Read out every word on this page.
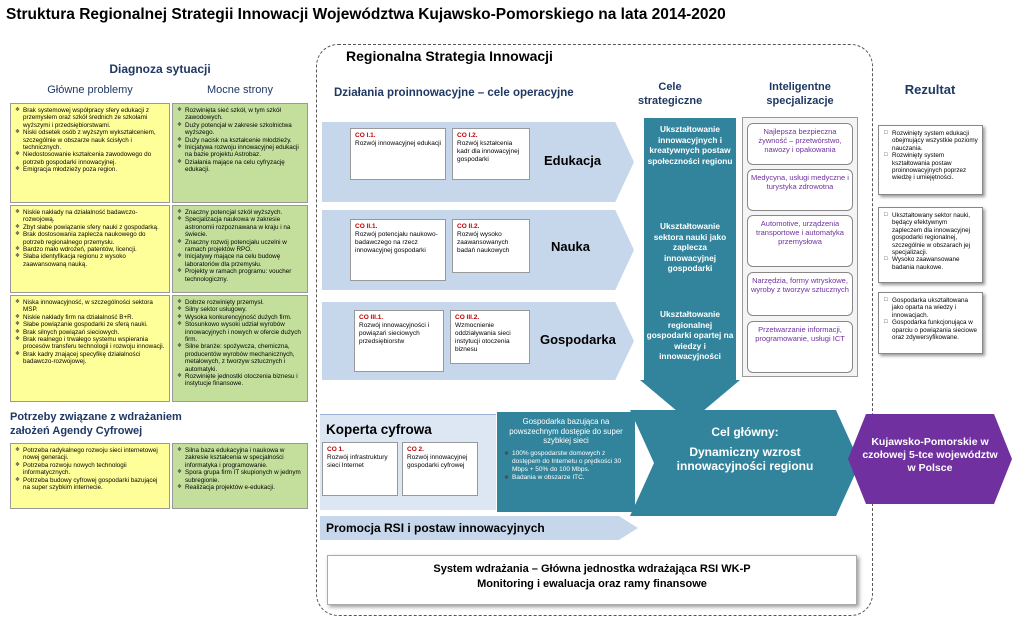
Struktura Regionalnej Strategii Innowacji Województwa Kujawsko-Pomorskiego na lata 2014-2020
Diagnoza sytuacji
Główne problemy	Mocne strony
❖ Brak systemowej współpracy sfery edukacji z przemysłem oraz szkół średnich ze szkołami wyższymi i przedsiębiorstwami.
❖ Niski odsetek osób z wyższym wykształceniem, szczególnie w obszarze nauk ścisłych i technicznych.
❖ Niedostosowanie kształcenia zawodowego do potrzeb gospodarki innowacyjnej.
❖ Emigracja młodzieży poza region.
❖ Rozwinięta sieć szkół, w tym szkół zawodowych.
❖ Duży potencjał w zakresie szkolnictwa wyższego.
❖ Duży nacisk na kształcenie młodzieży.
❖ Inicjatywa rozwoju innowacyjnej edukacji na bazie projektu Astrobaz.
❖ Działania mające na celu cyfryzację edukacji.
❖ Niskie nakłady na działalność badawczo-rozwojową.
❖ Zbyt słabe powiązanie sfery nauki z gospodarką.
❖ Brak dostosowania zaplecza naukowego do potrzeb regionalnego przemysłu.
❖ Bardzo mało wdrożeń, patentów, licencji.
❖ Słaba identyfikacja regionu z wysoko zaawansowaną nauką.
❖ Znaczny potencjał szkół wyższych.
❖ Specjalizacja naukowa w zakresie astronomii rozpoznawana w kraju i na świecie.
❖ Znaczny rozwój potencjału uczelni w ramach projektów RPO.
❖ Inicjatywy mające na celu budowę laboratoriów dla przemysłu.
❖ Projekty w ramach programu: voucher technologiczny.
❖ Niska innowacyjność, w szczególności sektora MSP.
❖ Niskie nakłady firm na działalność B+R.
❖ Słabe powiązanie gospodarki ze sferą nauki.
❖ Brak silnych powiązań sieciowych.
❖ Brak realnego i trwałego systemu wspierania procesów transferu technologii i rozwoju innowacji.
❖ Brak kadry znającej specyfikę działalności badawczo-rozwojowej.
❖ Dobrze rozwinięty przemysł.
❖ Silny sektor usługowy.
❖ Wysoka konkurencyjność dużych firm.
❖ Stosunkowo wysoki udział wyrobów innowacyjnych i nowych w ofercie dużych firm.
❖ Silne branże: spożywcza, chemiczna, producentów wyrobów mechanicznych, metalowych, z tworzyw sztucznych i automatyki.
❖ Rozwinięte jednostki otoczenia biznesu i instytucje finansowe.
Potrzeby związane z wdrażaniem założeń Agendy Cyfrowej
❖ Potrzeba radykalnego rozwoju sieci internetowej nowej generacji.
❖ Potrzeba rozwoju nowych technologii informatycznych.
❖ Potrzeba budowy cyfrowej gospodarki bazującej na super szybkim internecie.
❖ Silna baza edukacyjna i naukowa w zakresie kształcenia w specjalności informatyka i programowanie.
❖ Spora grupa firm IT skupionych w jednym subregionie.
❖ Realizacja projektów e-edukacji.
Regionalna Strategia Innowacji
Działania proinnowacyjne – cele operacyjne	Cele strategiczne
Inteligentne specjalizacje
CO I.1.
Rozwój innowacyjnej edukacji
CO I.2.
Rozwój kształcenia kadr dla innowacyjnej gospodarki	Edukacja
CO II.1.
Rozwój potencjału naukowo-badawczego na rzecz innowacyjnej gospodarki
CO II.2.
Rozwój wysoko zaawansowanych badań naukowych	Nauka
CO III.1.
Rozwój innowacyjności i powiązań sieciowych przedsiębiorstw
CO III.2.
Wzmocnienie oddziaływania sieci instytucji otoczenia biznesu
Gospodarka
Ukształtowanie innowacyjnych i kreatywnych postaw społeczności regionu
Ukształtowanie sektora nauki jako zaplecza innowacyjnej gospodarki
Ukształtowanie regionalnej gospodarki opartej na wiedzy i innowacyjności
Najlepsza bezpieczna żywność – przetwórstwo, nawozy i opakowania
Medycyna, usługi medyczne i turystyka zdrowotna
Automotive, urządzenia transportowe i automatyka przemysłowa
Narzędzia, formy wtryskowe, wyroby z tworzyw sztucznych
Przetwarzanie informacji, programowanie, usługi ICT
Koperta cyfrowa
CO 1.
Rozwój infrastruktury sieci Internet
CO 2.
Rozwój innowacyjnej gospodarki cyfrowej
Gospodarka bazująca na powszechnym dostępie do super szybkiej sieci
❖ 100% gospodarstw domowych z dostępem do Internetu o prędkości 30 Mbps + 50% do 100 Mbps.
❖ Badania w obszarze ITC.
Cel główny:
Dynamiczny wzrost innowacyjności regionu
Promocja RSI i postaw innowacyjnych
System wdrażania – Główna jednostka wdrażająca RSI WK-P
Monitoring i ewaluacja oraz ramy finansowe
Rezultat
□ Rozwinięty system edukacji obejmujący wszystkie poziomy nauczania.
□ Rozwinięty system kształtowania postaw proinnowacyjnych poprzez wiedzę i umiejętności.
□ Ukształtowany sektor nauki, będący efektywnym zapleczem dla innowacyjnej gospodarki regionalnej, szczególnie w obszarach jej specjalizacji.
□ Wysoko zaawansowane badania naukowe.
□ Gospodarka ukształtowana jako oparta na wiedzy i innowacjach.
□ Gospodarka funkcjonująca w oparciu o powiązania sieciowe oraz zdywersyfikowane.
Kujawsko-Pomorskie w czołowej 5-tce województw w Polsce
